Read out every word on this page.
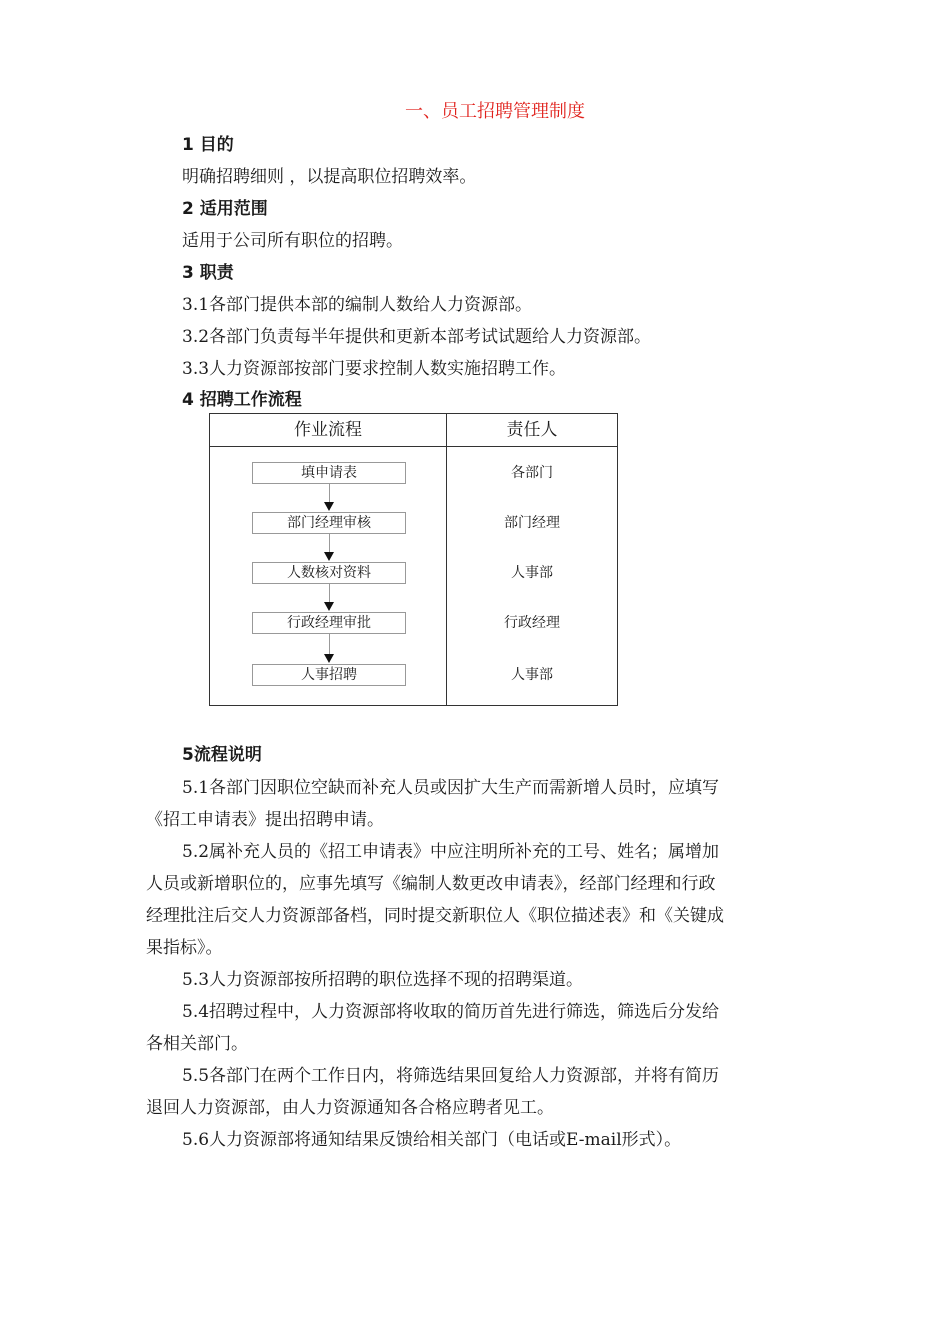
一、员工招聘管理制度
1 目的
明确招聘细则 ，以提高职位招聘效率。
2 适用范围
适用于公司所有职位的招聘。
3 职责
3.1各部门提供本部的编制人数给人力资源部。
3.2各部门负责每半年提供和更新本部考试试题给人力资源部。
3.3人力资源部按部门要求控制人数实施招聘工作。
4 招聘工作流程
作业流程	责任人
填申请表	各部门
部门经理审核	部门经理
人数核对资料	人事部
行政经理审批	行政经理
人事招聘	人事部
5流程说明
5.1各部门因职位空缺而补充人员或因扩大生产而需新增人员时，应填写
《招工申请表》提出招聘申请。
5.2属补充人员的《招工申请表》中应注明所补充的工号、姓名；属增加
人员或新增职位的，应事先填写《编制人数更改申请表》，经部门经理和行政
经理批注后交人力资源部备档，同时提交新职位人《职位描述表》和《关键成
果指标》。
5.3人力资源部按所招聘的职位选择不现的招聘渠道。
5.4招聘过程中，人力资源部将收取的简历首先进行筛选，筛选后分发给
各相关部门。
5.5各部门在两个工作日内，将筛选结果回复给人力资源部，并将有简历
退回人力资源部，由人力资源通知各合格应聘者见工。
5.6人力资源部将通知结果反馈给相关部门（电话或E-mail形式）。
